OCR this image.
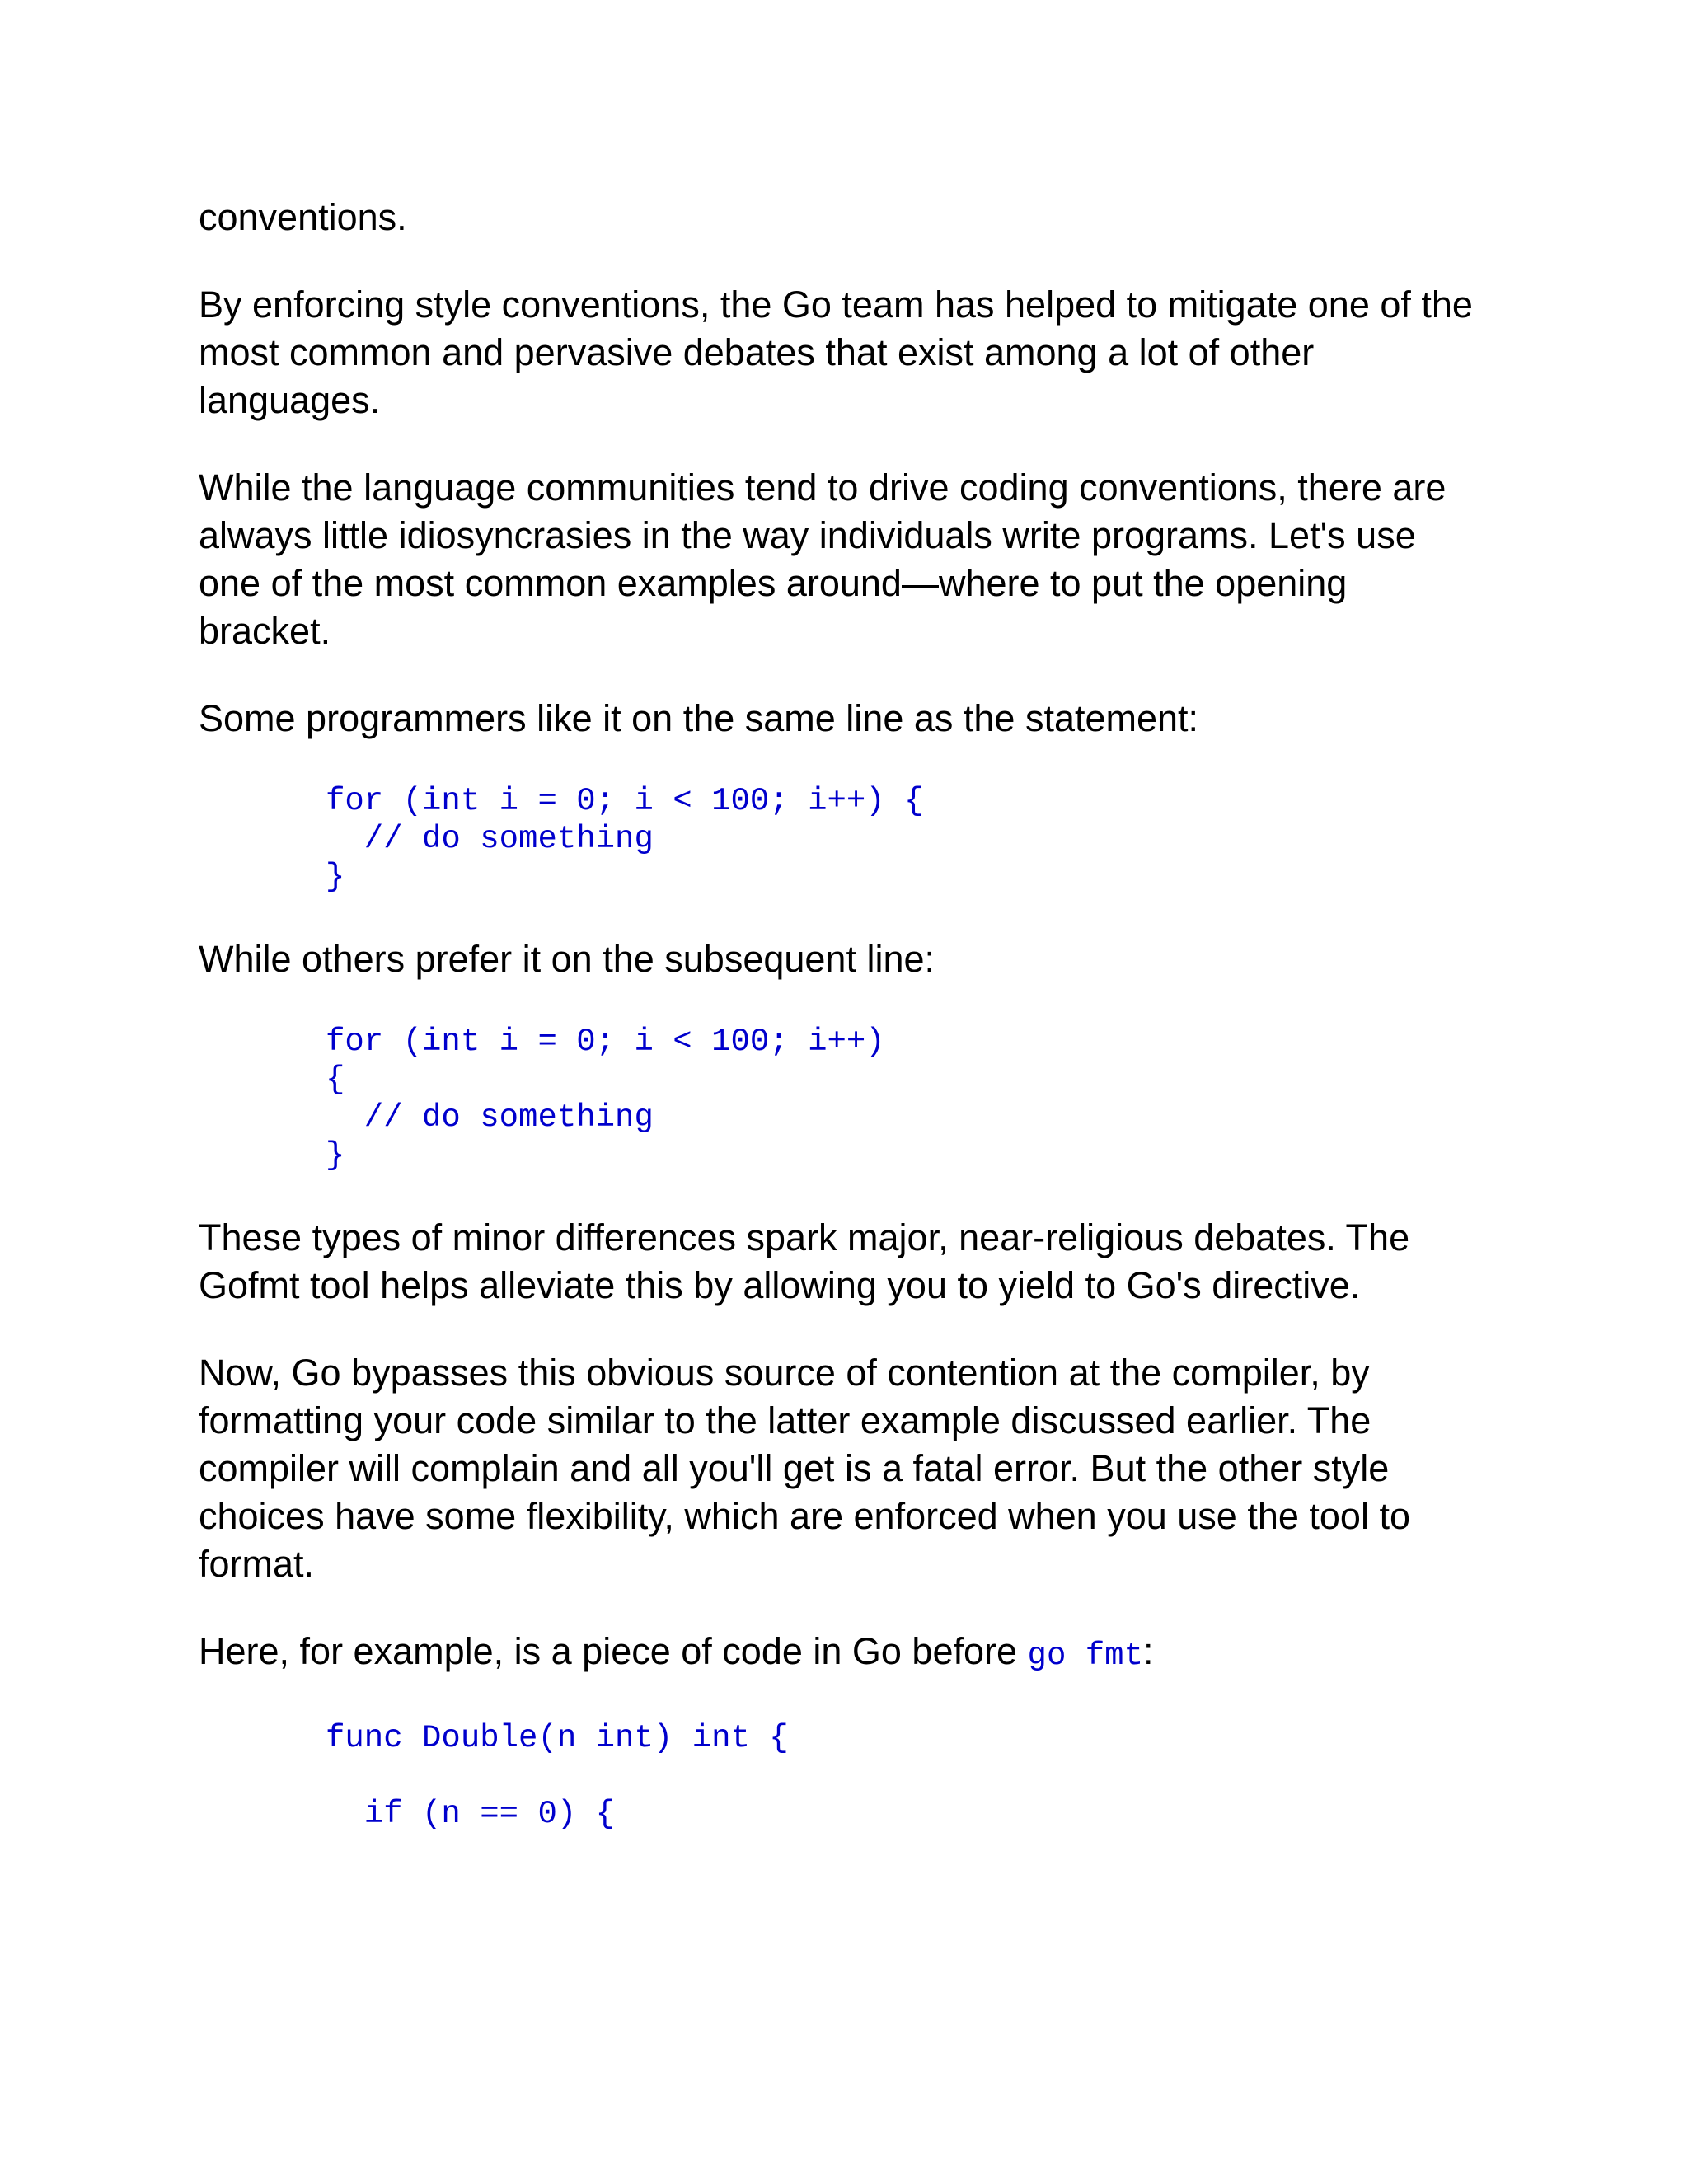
conventions.

By enforcing style conventions, the Go team has helped to mitigate one of the most common and pervasive debates that exist among a lot of other languages.

While the language communities tend to drive coding conventions, there are always little idiosyncrasies in the way individuals write programs. Let's use one of the most common examples around—where to put the opening bracket.

Some programmers like it on the same line as the statement:

for (int i = 0; i < 100; i++) {
// do something
}

While others prefer it on the subsequent line:

for (int i = 0; i < 100; i++)
{
// do something
}

These types of minor differences spark major, near-religious debates. The Gofmt tool helps alleviate this by allowing you to yield to Go's directive.

Now, Go bypasses this obvious source of contention at the compiler, by formatting your code similar to the latter example discussed earlier. The compiler will complain and all you'll get is a fatal error. But the other style choices have some flexibility, which are enforced when you use the tool to format.

Here, for example, is a piece of code in Go before go fmt:

func Double(n int) int {

if (n == 0) {
